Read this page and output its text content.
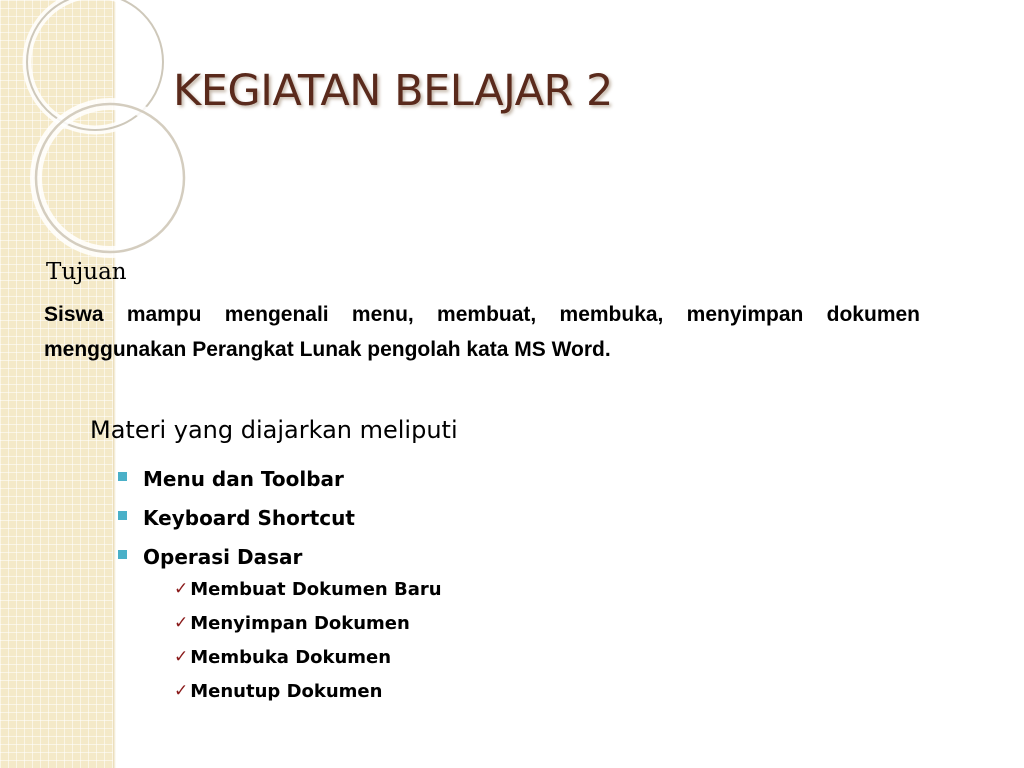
KEGIATAN BELAJAR 2
Tujuan
Siswa mampu mengenali menu, membuat, membuka, menyimpan dokumen menggunakan Perangkat Lunak pengolah kata MS Word.
Materi yang diajarkan meliputi
Menu dan Toolbar
Keyboard Shortcut
Operasi Dasar
✓ Membuat Dokumen Baru
✓ Menyimpan Dokumen
✓ Membuka Dokumen
✓ Menutup Dokumen
